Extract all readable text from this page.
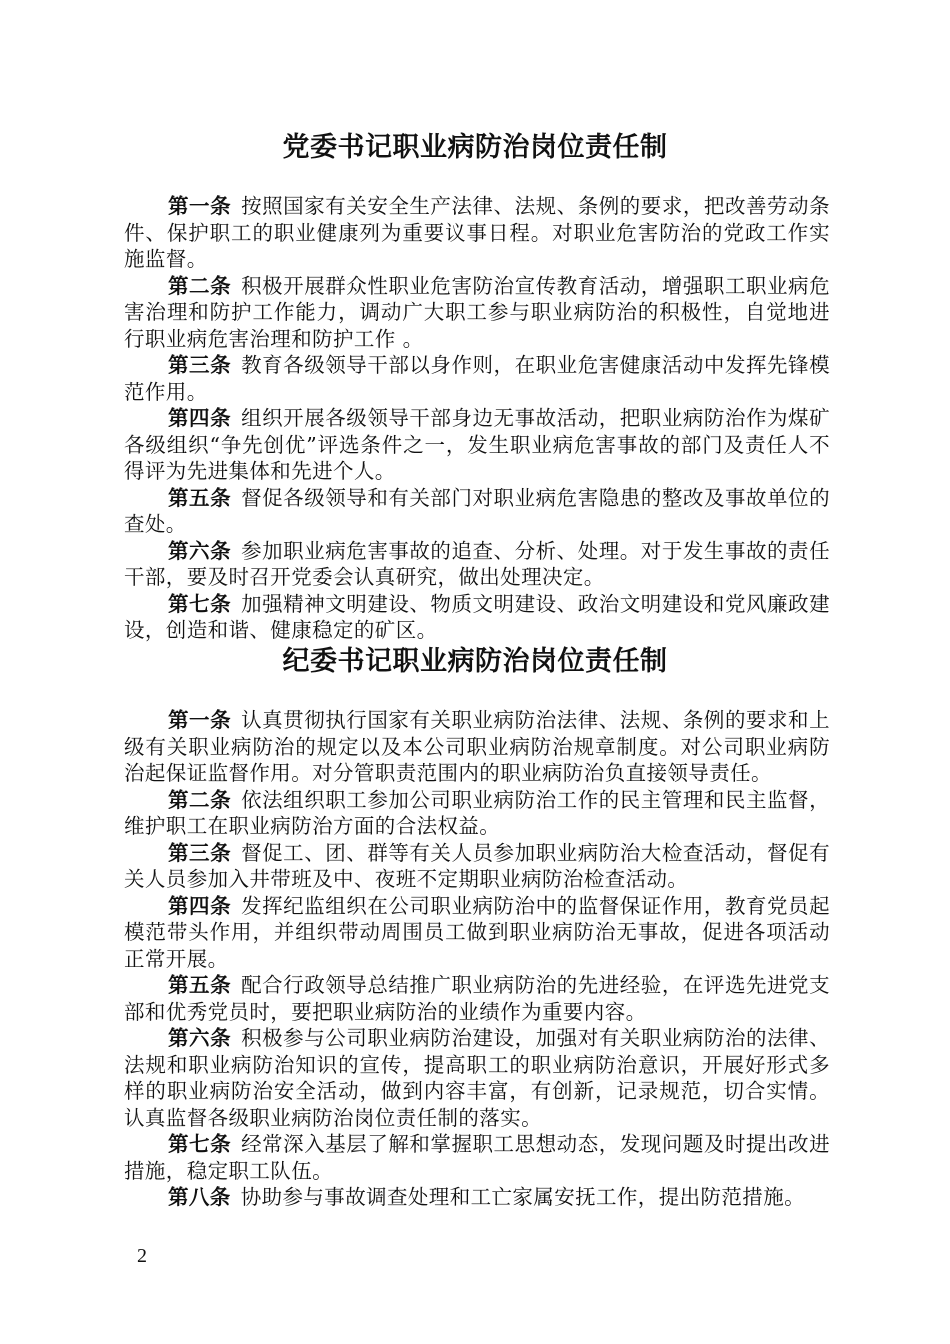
党委书记职业病防治岗位责任制

第一条 按照国家有关安全生产法律、法规、条例的要求，把改善劳动条件、保护职工的职业健康列为重要议事日程。对职业危害防治的党政工作实施监督。

第二条 积极开展群众性职业危害防治宣传教育活动，增强职工职业病危害治理和防护工作能力，调动广大职工参与职业病防治的积极性，自觉地进行职业病危害治理和防护工作 。

第三条 教育各级领导干部以身作则，在职业危害健康活动中发挥先锋模范作用。

第四条 组织开展各级领导干部身边无事故活动，把职业病防治作为煤矿各级组织“争先创优”评选条件之一，发生职业病危害事故的部门及责任人不得评为先进集体和先进个人。

第五条 督促各级领导和有关部门对职业病危害隐患的整改及事故单位的查处。

第六条 参加职业病危害事故的追查、分析、处理。对于发生事故的责任干部，要及时召开党委会认真研究，做出处理决定。

第七条 加强精神文明建设、物质文明建设、政治文明建设和党风廉政建设，创造和谐、健康稳定的矿区。

纪委书记职业病防治岗位责任制

第一条 认真贯彻执行国家有关职业病防治法律、法规、条例的要求和上级有关职业病防治的规定以及本公司职业病防治规章制度。对公司职业病防治起保证监督作用。对分管职责范围内的职业病防治负直接领导责任。

第二条 依法组织职工参加公司职业病防治工作的民主管理和民主监督，维护职工在职业病防治方面的合法权益。

第三条 督促工、团、群等有关人员参加职业病防治大检查活动，督促有关人员参加入井带班及中、夜班不定期职业病防治检查活动。

第四条 发挥纪监组织在公司职业病防治中的监督保证作用，教育党员起模范带头作用，并组织带动周围员工做到职业病防治无事故，促进各项活动正常开展。

第五条 配合行政领导总结推广职业病防治的先进经验，在评选先进党支部和优秀党员时，要把职业病防治的业绩作为重要内容。

第六条 积极参与公司职业病防治建设，加强对有关职业病防治的法律、法规和职业病防治知识的宣传，提高职工的职业病防治意识，开展好形式多样的职业病防治安全活动，做到内容丰富，有创新，记录规范，切合实情。认真监督各级职业病防治岗位责任制的落实。

第七条 经常深入基层了解和掌握职工思想动态，发现问题及时提出改进措施，稳定职工队伍。

第八条 协助参与事故调查处理和工亡家属安抚工作，提出防范措施。

2
